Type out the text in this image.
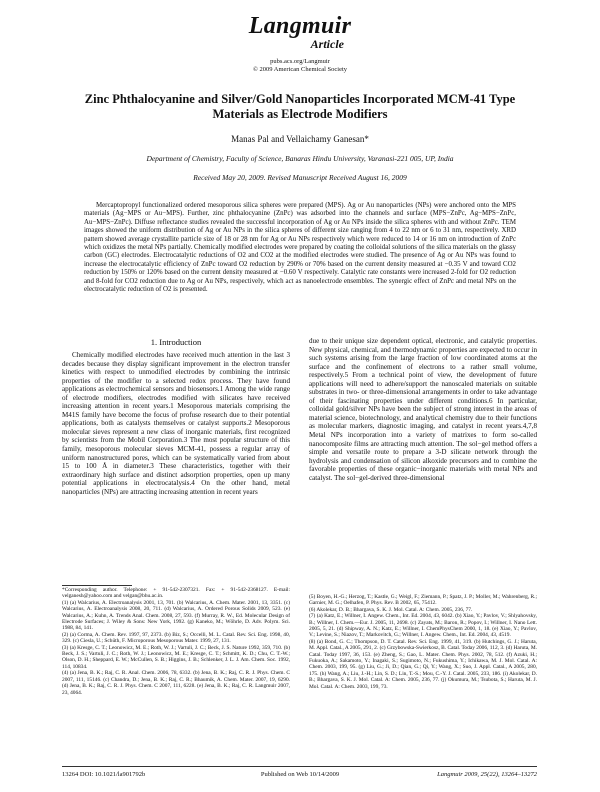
Langmuir
Article
pubs.acs.org/Langmuir
© 2009 American Chemical Society
Zinc Phthalocyanine and Silver/Gold Nanoparticles Incorporated MCM-41 Type Materials as Electrode Modifiers
Manas Pal and Vellaichamy Ganesan*
Department of Chemistry, Faculty of Science, Banaras Hindu University, Varanasi-221 005, UP, India
Received May 20, 2009. Revised Manuscript Received August 16, 2009
Mercaptopropyl functionalized ordered mesoporous silica spheres were prepared (MPS). Ag or Au nanoparticles (NPs) were anchored onto the MPS materials (Ag−MPS or Au−MPS). Further, zinc phthalocyanine (ZnPc) was adsorbed into the channels and surface (MPS−ZnPc, Ag−MPS−ZnPc, Au−MPS−ZnPc). Diffuse reflectance studies revealed the successful incorporation of Ag or Au NPs inside the silica spheres with and without ZnPc. TEM images showed the uniform distribution of Ag or Au NPs in the silica spheres of different size ranging from 4 to 22 nm or 6 to 31 nm, respectively. XRD pattern showed average crystallite particle size of 18 or 28 nm for Ag or Au NPs respectively which were reduced to 14 or 16 nm on introduction of ZnPc which oxidizes the metal NPs partially. Chemically modified electrodes were prepared by coating the colloidal solutions of the silica materials on the glassy carbon (GC) electrodes. Electrocatalytic reductions of O2 and CO2 at the modified electrodes were studied. The presence of Ag or Au NPs was found to increase the electrocatalytic efficiency of ZnPc toward O2 reduction by 290% or 70% based on the current density measured at −0.35 V and toward CO2 reduction by 150% or 120% based on the current density measured at −0.60 V respectively. Catalytic rate constants were increased 2-fold for O2 reduction and 8-fold for CO2 reduction due to Ag or Au NPs, respectively, which act as nanoelectrode ensembles. The synergic effect of ZnPc and metal NPs on the electrocatalytic reduction of O2 is presented.
1. Introduction
Chemically modified electrodes have received much attention in the last 3 decades because they display significant improvement in the electron transfer kinetics with respect to unmodified electrodes by combining the intrinsic properties of the modifier to a selected redox process. They have found applications as electrochemical sensors and biosensors.1 Among the wide range of electrode modifiers, electrodes modified with silicates have received increasing attention in recent years.1 Mesoporous materials comprising the M41S family have become the focus of profuse research due to their potential applications, both as catalysts themselves or catalyst supports.2 Mesoporous molecular sieves represent a new class of inorganic materials, first recognized by scientists from the Mobil Corporation.3 The most popular structure of this family, mesoporous molecular sieves MCM-41, possess a regular array of uniform nanostructured pores, which can be systematically varied from about 15 to 100 Å in diameter.3 These characteristics, together with their extraordinary high surface and distinct adsorption properties, open up many potential applications in electrocatalysis.4 On the other hand, metal nanoparticles (NPs) are attracting increasing attention in recent years
due to their unique size dependent optical, electronic, and catalytic properties. New physical, chemical, and thermodynamic properties are expected to occur in such systems arising from the large fraction of low coordinated atoms at the surface and the confinement of electrons to a rather small volume, respectively.5 From a technical point of view, the development of future applications will need to adhere/support the nanoscaled materials on suitable substrates in two- or three-dimensional arrangements in order to take advantage of their fascinating properties under different conditions.6 In particular, colloidal gold/silver NPs have been the subject of strong interest in the areas of material science, biotechnology, and analytical chemistry due to their functions as molecular markers, diagnostic imaging, and catalyst in recent years.4,7,8 Metal NPs incorporation into a variety of matrixes to form so-called nanocomposite films are attracting much attention. The sol−gel method offers a simple and versatile route to prepare a 3-D silicate network through the hydrolysis and condensation of silicon alkoxide precursors and to combine the favorable properties of these organic−inorganic materials with metal NPs and catalyst. The sol−gel-derived three-dimensional

*Corresponding author. Telephone: + 91-542-2307321. Fax: + 91-542-2368127. E-mail: velganesh@yahoo.com and velgan@bhu.ac.in.

(1) (a) Walcarius, A. Electroanalysis 2001, 13, 701. (b) Walcarius, A. Chem. Mater. 2001, 13, 3351. (c) Walcarius, A. Electroanalysis 2008, 20, 711. (d) Walcarius, A. Ordered Porous Solids 2009, 523. (e) Walcarius, A.; Kuhn, A. Trends Anal. Chem. 2008, 27, 593. (f) Murray, R. W., Ed. Molecular Design of Electrode Surfaces; J. Wiley & Sons: New York, 1992. (g) Kaneko, M.; Wöhrle, D. Adv. Polym. Sci. 1988, 84, 141.

(2) (a) Corma, A. Chem. Rev. 1997, 97, 2373. (b) Biz, S.; Occelli, M. L. Catal. Rev. Sci. Eng. 1998, 40, 329. (c) Ciesla, U.; Schüth, F. Microporous Mesoporous Mater. 1999, 27, 131.

(3) (a) Kresge, C. T.; Leonowicz, M. E.; Roth, W. J.; Vartuli, J. C.; Beck, J. S. Nature 1992, 359, 710. (b) Beck, J. S.; Vartuli, J. C.; Roth, W. J.; Leonowicz, M. E.; Kresge, C. T.; Schmitt, K. D.; Chu, C. T.-W.; Olson, D. H.; Sheppard, E. W.; McCullen, S. B.; Higgins, J. B.; Schlenker, J. L. J. Am. Chem. Soc. 1992, 114, 10834.

(4) (a) Jena, B. K.; Raj, C. R. Anal. Chem. 2006, 78, 6332. (b) Jena, B. K.; Raj, C. R. J. Phys. Chem. C 2007, 111, 15146. (c) Chandra, D.; Jena, B. K.; Raj, C. R.; Bhaumik, A. Chem. Mater. 2007, 19, 6290. (d) Jena, B. K.; Raj, C. R. J. Phys. Chem. C 2007, 111, 6228. (e) Jena, B. K.; Raj, C. R. Langmuir 2007, 23, 4064.

(5) Boyen, H.-G.; Herzog, T.; Kastle, G.; Weigl, F.; Ziemann, P.; Spatz, J. P.; Moller, M.; Wahrenberg, R.; Garnier, M. G.; Oelhafen, P. Phys. Rev. B 2002, 65, 75412.

(6) Akolekar, D. B.; Bhargava, S. K. J. Mol. Catal. A: Chem. 2005, 236, 77.

(7) (a) Katz, E.; Willner, I. Angew. Chem., Int. Ed. 2004, 43, 6042. (b) Xiao, Y.; Pavlov, V.; Shlyahovsky, B.; Willner, I. Chem.—Eur. J. 2005, 11, 2698. (c) Zayats, M.; Baron, R.; Popov, I.; Willner, I. Nano Lett. 2005, 5, 21. (d) Shipway, A. N.; Katz, E.; Willner, I. ChemPhysChem 2000, 1, 18. (e) Xiao, Y.; Pavlov, V.; Levine, S.; Niazov, T.; Markovitch, G.; Willner, I. Angew. Chem., Int. Ed. 2004, 43, 4519.

(8) (a) Bond, G. C.; Thompson, D. T. Catal. Rev. Sci. Eng. 1999, 41, 319. (b) Hutchings, G. J.; Haruta, M. Appl. Catal., A 2005, 291, 2. (c) Grzybowska-Swierkosz, B. Catal. Today 2006, 112, 3. (d) Haruta, M. Catal. Today 1997, 36, 153. (e) Zheng, S.; Gao, L. Mater. Chem. Phys. 2002, 78, 512. (f) Azuki, H.; Fukuoka, A.; Sakamoto, Y.; Inagaki, S.; Sugimoto, N.; Fukushima, Y.; Ichikawa, M. J. Mol. Catal. A: Chem. 2003, 199, 95. (g) Liu, G.; Ji, D.; Qian, G.; Qi, Y.; Wang, X.; Suo, J. Appl. Catal., A 2005, 280, 175. (h) Wang, A.; Liu, J.-H.; Lin, S. D.; Lin, T.-S.; Mou, C.-Y. J. Catal. 2005, 233, 186. (i) Akolekar, D. B.; Bhargava, S. K. J. Mol. Catal. A: Chem. 2005, 236, 77. (j) Okumura, M.; Tsubota, S.; Haruta, M. J. Mol. Catal. A: Chem. 2003, 199, 73.

13264 DOI: 10.1021/la901792b	Published on Web 10/14/2009	Langmuir 2009, 25(22), 13264–13272
